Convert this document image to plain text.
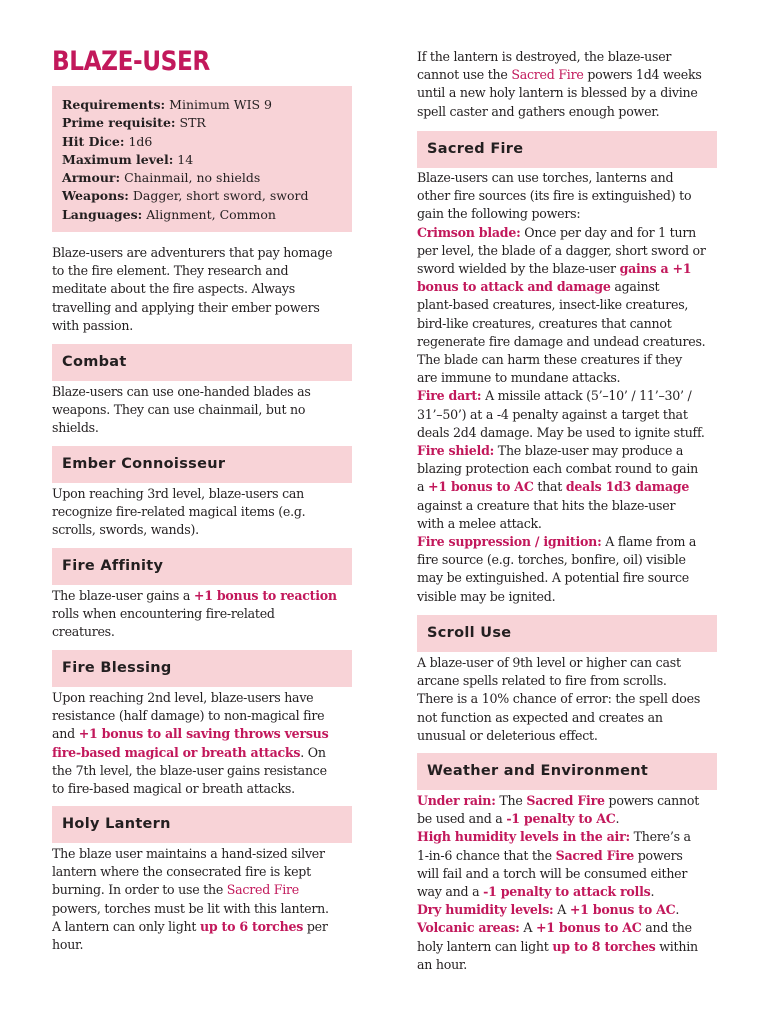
BLAZE-USER
Requirements: Minimum WIS 9
Prime requisite: STR
Hit Dice: 1d6
Maximum level: 14
Armour: Chainmail, no shields
Weapons: Dagger, short sword, sword
Languages: Alignment, Common
Blaze-users are adventurers that pay homage
to the fire element. They research and
meditate about the fire aspects. Always
travelling and applying their ember powers
with passion.
Combat
Blaze-users can use one-handed blades as
weapons. They can use chainmail, but no
shields.
Ember Connoisseur
Upon reaching 3rd level, blaze-users can
recognize fire-related magical items (e.g.
scrolls, swords, wands).
Fire Affinity
The blaze-user gains a +1 bonus to reaction
rolls when encountering fire-related
creatures.
Fire Blessing
Upon reaching 2nd level, blaze-users have
resistance (half damage) to non-magical fire
and +1 bonus to all saving throws versus
fire-based magical or breath attacks. On
the 7th level, the blaze-user gains resistance
to fire-based magical or breath attacks.
Holy Lantern
The blaze user maintains a hand-sized silver
lantern where the consecrated fire is kept
burning. In order to use the Sacred Fire
powers, torches must be lit with this lantern.
A lantern can only light up to 6 torches per
hour.
If the lantern is destroyed, the blaze-user
cannot use the Sacred Fire powers 1d4 weeks
until a new holy lantern is blessed by a divine
spell caster and gathers enough power.
Sacred Fire
Blaze-users can use torches, lanterns and
other fire sources (its fire is extinguished) to
gain the following powers:
Crimson blade: Once per day and for 1 turn
per level, the blade of a dagger, short sword or
sword wielded by the blaze-user gains a +1
bonus to attack and damage against
plant-based creatures, insect-like creatures,
bird-like creatures, creatures that cannot
regenerate fire damage and undead creatures.
The blade can harm these creatures if they
are immune to mundane attacks.
Fire dart: A missile attack (5’–10’ / 11’–30’ /
31’–50’) at a -4 penalty against a target that
deals 2d4 damage. May be used to ignite stuff.
Fire shield: The blaze-user may produce a
blazing protection each combat round to gain
a +1 bonus to AC that deals 1d3 damage
against a creature that hits the blaze-user
with a melee attack.
Fire suppression / ignition: A flame from a
fire source (e.g. torches, bonfire, oil) visible
may be extinguished. A potential fire source
visible may be ignited.
Scroll Use
A blaze-user of 9th level or higher can cast
arcane spells related to fire from scrolls.
There is a 10% chance of error: the spell does
not function as expected and creates an
unusual or deleterious effect.
Weather and Environment
Under rain: The Sacred Fire powers cannot
be used and a -1 penalty to AC.
High humidity levels in the air: There’s a
1-in-6 chance that the Sacred Fire powers
will fail and a torch will be consumed either
way and a -1 penalty to attack rolls.
Dry humidity levels: A +1 bonus to AC.
Volcanic areas: A +1 bonus to AC and the
holy lantern can light up to 8 torches within
an hour.
